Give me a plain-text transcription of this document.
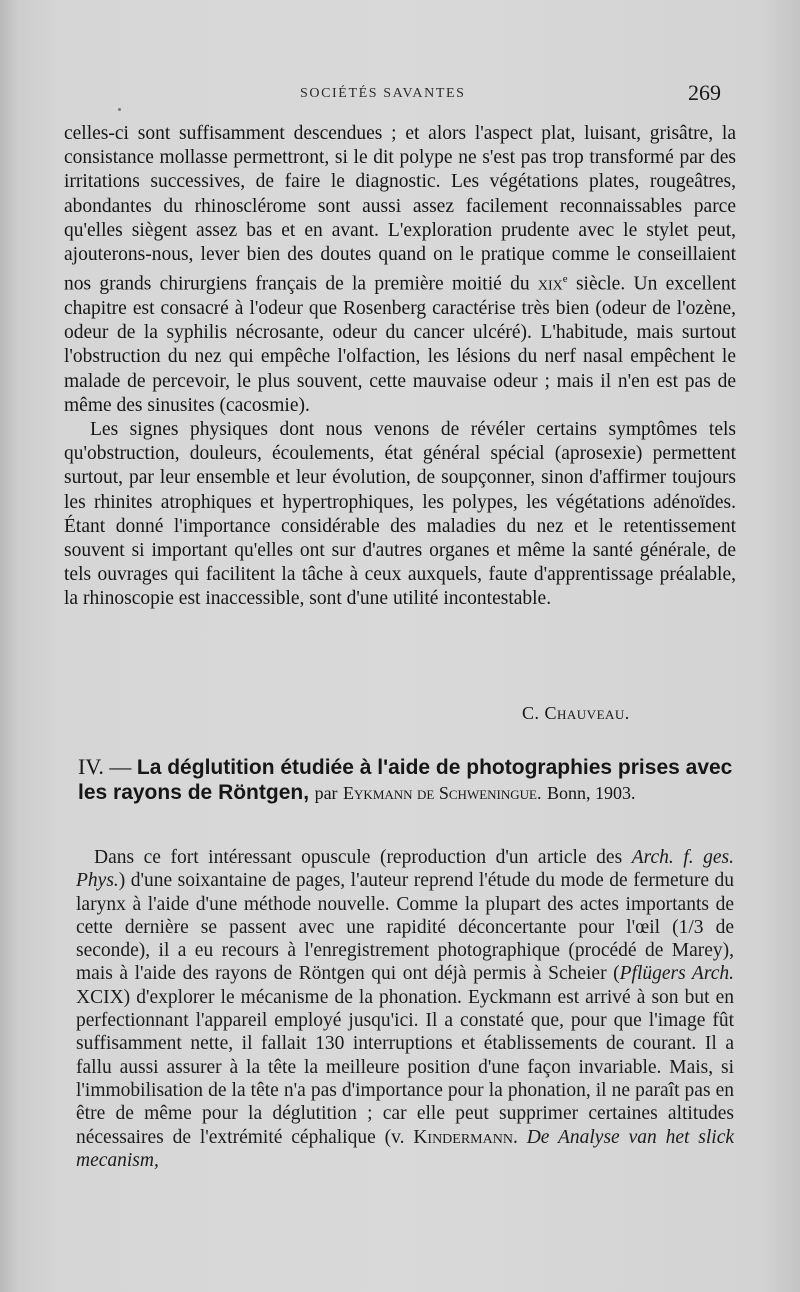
SOCIÉTÉS SAVANTES	269

celles-ci sont suffisamment descendues ; et alors l'aspect plat, luisant, grisâtre, la consistance mollasse permettront, si le dit polype ne s'est pas trop transformé par des irritations successives, de faire le diagnostic. Les végétations plates, rougeâtres, abondantes du rhinosclérome sont aussi assez facilement reconnaissables parce qu'elles siègent assez bas et en avant. L'exploration prudente avec le stylet peut, ajouterons-nous, lever bien des doutes quand on le pratique comme le conseillaient nos grands chirurgiens français de la première moitié du xix$^e$ siècle. Un excellent chapitre est consacré à l'odeur que Rosenberg caractérise très bien (odeur de l'ozène, odeur de la syphilis nécrosante, odeur du cancer ulcéré). L'habitude, mais surtout l'obstruction du nez qui empêche l'olfaction, les lésions du nerf nasal empêchent le malade de percevoir, le plus souvent, cette mauvaise odeur ; mais il n'en est pas de même des sinusites (cacosmie).

Les signes physiques dont nous venons de révéler certains symptômes tels qu'obstruction, douleurs, écoulements, état général spécial (aprosexie) permettent surtout, par leur ensemble et leur évolution, de soupçonner, sinon d'affirmer toujours les rhinites atrophiques et hypertrophiques, les polypes, les végétations adénoïdes. Étant donné l'importance considérable des maladies du nez et le retentissement souvent si important qu'elles ont sur d'autres organes et même la santé générale, de tels ouvrages qui facilitent la tâche à ceux auxquels, faute d'apprentissage préalable, la rhinoscopie est inaccessible, sont d'une utilité incontestable.

C. Chauveau.
IV. — La déglutition étudiée à l'aide de photographies prises avec les rayons de Röntgen, par Eykmann de Schweningue. Bonn, 1903.

Dans ce fort intéressant opuscule (reproduction d'un article des Arch. f. ges. Phys.) d'une soixantaine de pages, l'auteur reprend l'étude du mode de fermeture du larynx à l'aide d'une méthode nouvelle. Comme la plupart des actes importants de cette dernière se passent avec une rapidité déconcertante pour l'œil (1/3 de seconde), il a eu recours à l'enregistrement photographique (procédé de Marey), mais à l'aide des rayons de Röntgen qui ont déjà permis à Scheier (Pflügers Arch. XCIX) d'explorer le mécanisme de la phonation. Eyckmann est arrivé à son but en perfectionnant l'appareil employé jusqu'ici. Il a constaté que, pour que l'image fût suffisamment nette, il fallait 130 interruptions et établissements de courant. Il a fallu aussi assurer à la tête la meilleure position d'une façon invariable. Mais, si l'immobilisation de la tête n'a pas d'importance pour la phonation, il ne paraît pas en être de même pour la déglutition ; car elle peut supprimer certaines altitudes nécessaires de l'extrémité céphalique (v. Kindermann. De Analyse van het slick mecanism,
